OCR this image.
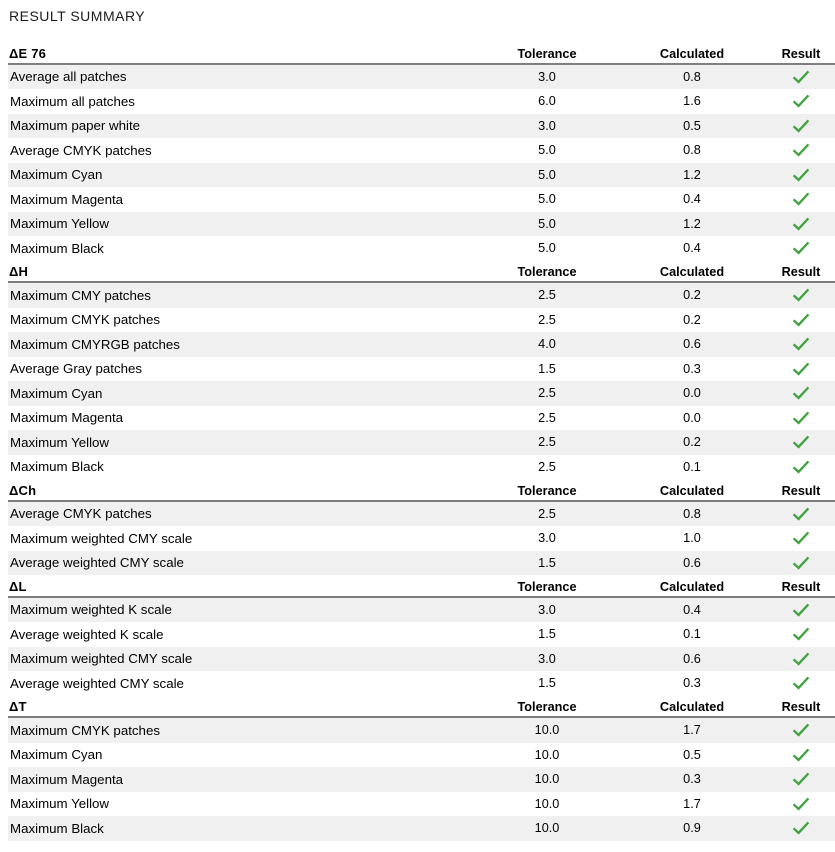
RESULT SUMMARY
ΔE 76	Tolerance	Calculated	Result
Average all patches	3.0	0.8
Maximum all patches	6.0	1.6
Maximum paper white	3.0	0.5
Average CMYK patches	5.0	0.8
Maximum Cyan	5.0	1.2
Maximum Magenta	5.0	0.4
Maximum Yellow	5.0	1.2
Maximum Black	5.0	0.4
ΔH	Tolerance	Calculated	Result
Maximum CMY patches	2.5	0.2
Maximum CMYK patches	2.5	0.2
Maximum CMYRGB patches	4.0	0.6
Average Gray patches	1.5	0.3
Maximum Cyan	2.5	0.0
Maximum Magenta	2.5	0.0
Maximum Yellow	2.5	0.2
Maximum Black	2.5	0.1
ΔCh	Tolerance	Calculated	Result
Average CMYK patches	2.5	0.8
Maximum weighted CMY scale	3.0	1.0
Average weighted CMY scale	1.5	0.6
ΔL	Tolerance	Calculated	Result
Maximum weighted K scale	3.0	0.4
Average weighted K scale	1.5	0.1
Maximum weighted CMY scale	3.0	0.6
Average weighted CMY scale	1.5	0.3
ΔT	Tolerance	Calculated	Result
Maximum CMYK patches	10.0	1.7
Maximum Cyan	10.0	0.5
Maximum Magenta	10.0	0.3
Maximum Yellow	10.0	1.7
Maximum Black	10.0	0.9
